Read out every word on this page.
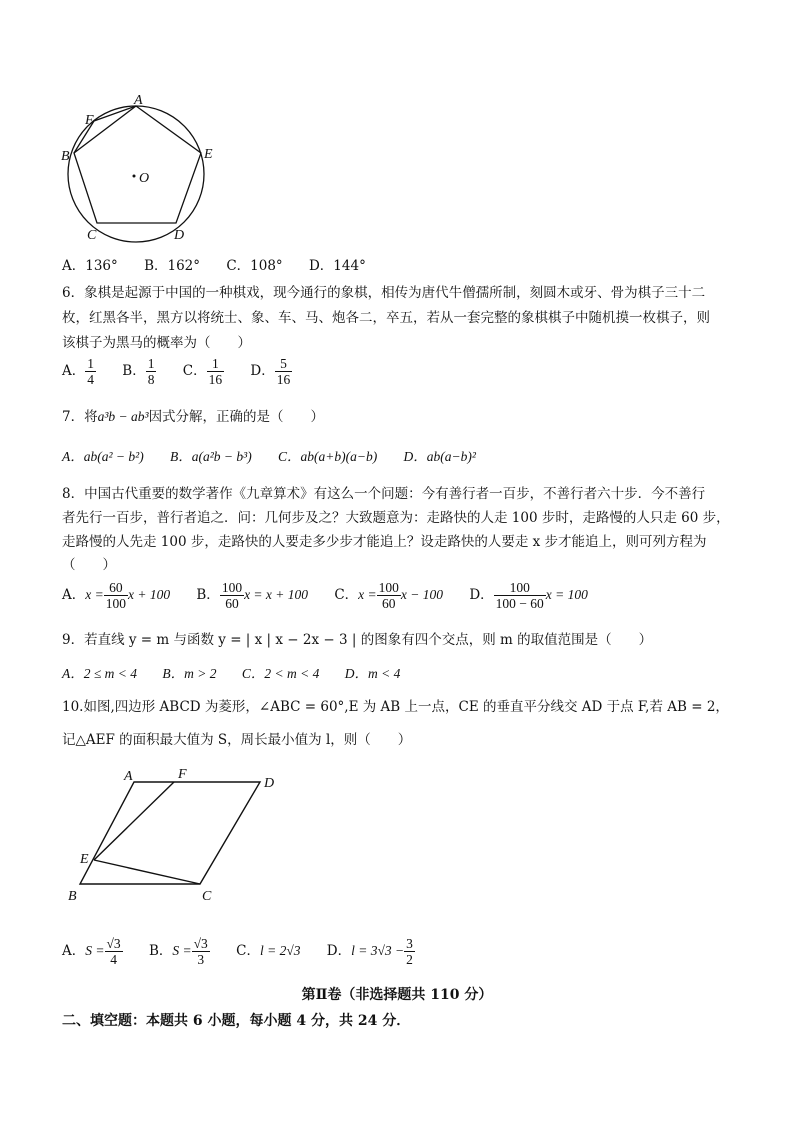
A
F
B	E
O
C	D
A．136° B．162° C．108° D．144°
6．象棋是起源于中国的一种棋戏，现今通行的象棋，相传为唐代牛僧孺所制，刻圆木或牙、骨为棋子三十二
枚，红黑各半，黑方以将统士、象、车、马、炮各二，卒五，若从一套完整的象棋棋子中随机摸一枚棋子，则
该棋子为黑马的概率为（　　）
A． $\frac{1}{4}$ B． $\frac{1}{8}$ C． $\frac{1}{16}$ D． $\frac{5}{16}$
7．将a³b − ab³因式分解，正确的是（　　）
A．ab(a² − b²) B．a(a²b − b³) C．ab(a+b)(a−b) D．ab(a−b)²
8．中国古代重要的数学著作《九章算术》有这么一个问题：今有善行者一百步，不善行者六十步．今不善行
者先行一百步，普行者追之．问：几何步及之？大致题意为：走路快的人走 100 步时，走路慢的人只走 60 步，
走路慢的人先走 100 步，走路快的人要走多少步才能追上？设走路快的人要走 x 步才能追上，则可列方程为
（　　）
A．$x = \frac{60}{100}$ x + 100 B． $\frac{100}{60}$ x = x + 100 C．$x = \frac{100}{60}$ x − 100 D． $\frac{100}{100 - 60}$ x = 100
9．若直线 y = m 与函数 y = | x | x − 2x − 3 | 的图象有四个交点，则 m 的取值范围是（　　）
A．2 ≤ m < 4 B．m > 2 C．2 < m < 4 D．m < 4
10.如图,四边形 ABCD 为菱形，∠ABC = 60°,E 为 AB 上一点，CE 的垂直平分线交 AD 于点 F,若 AB = 2，
记△AEF 的面积最大值为 S，周长最小值为 l，则（　　）
A	F
D
E
B	C
A．$S = \frac{√3}{4}$ B．$S = \frac{√3}{3}$ C．l = 2√3 D．$l = 3√3 - \frac{3}{2}$
第Ⅱ卷（非选择题共 110 分）
二、填空题：本题共 6 小题，每小题 4 分，共 24 分．
